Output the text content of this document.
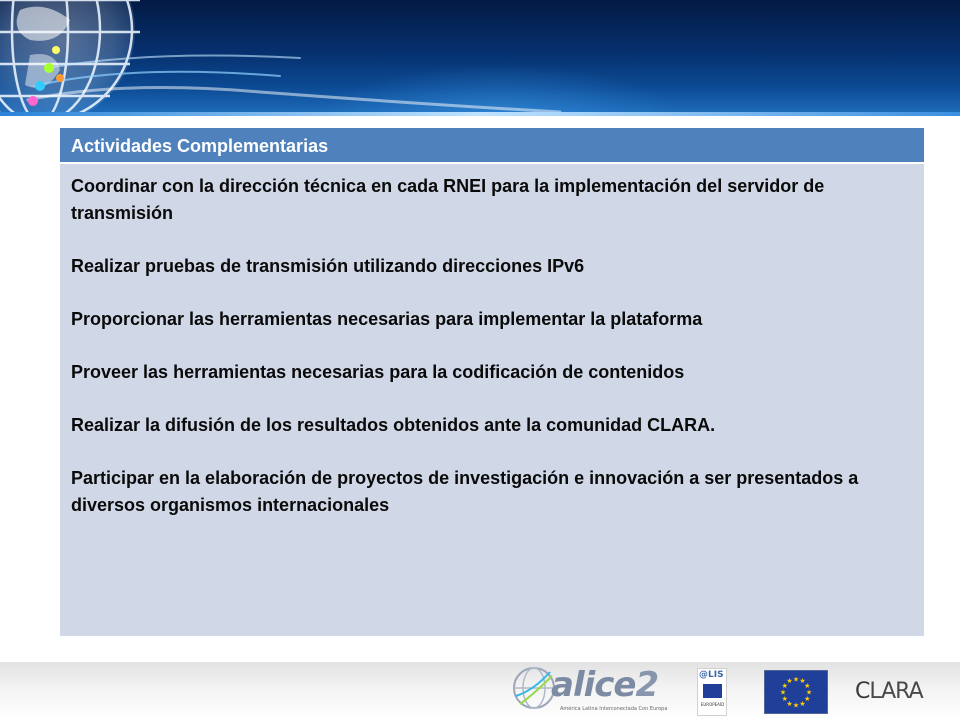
Actividades Complementarias

Coordinar con la dirección técnica en cada RNEI para la implementación del servidor de transmisión

Realizar pruebas de transmisión utilizando direcciones IPv6

Proporcionar las herramientas necesarias para implementar la plataforma

Proveer las herramientas necesarias para la codificación de contenidos

Realizar la difusión de los resultados obtenidos ante la comunidad CLARA.

Participar en la elaboración de proyectos de investigación e innovación a ser presentados a diversos organismos internacionales

alice2
América Latina Interconectada Con Europa
@LIS
EUROPEAID
★
★
★
★
★
★
★
★
★ ★ ★
★ CLARA
